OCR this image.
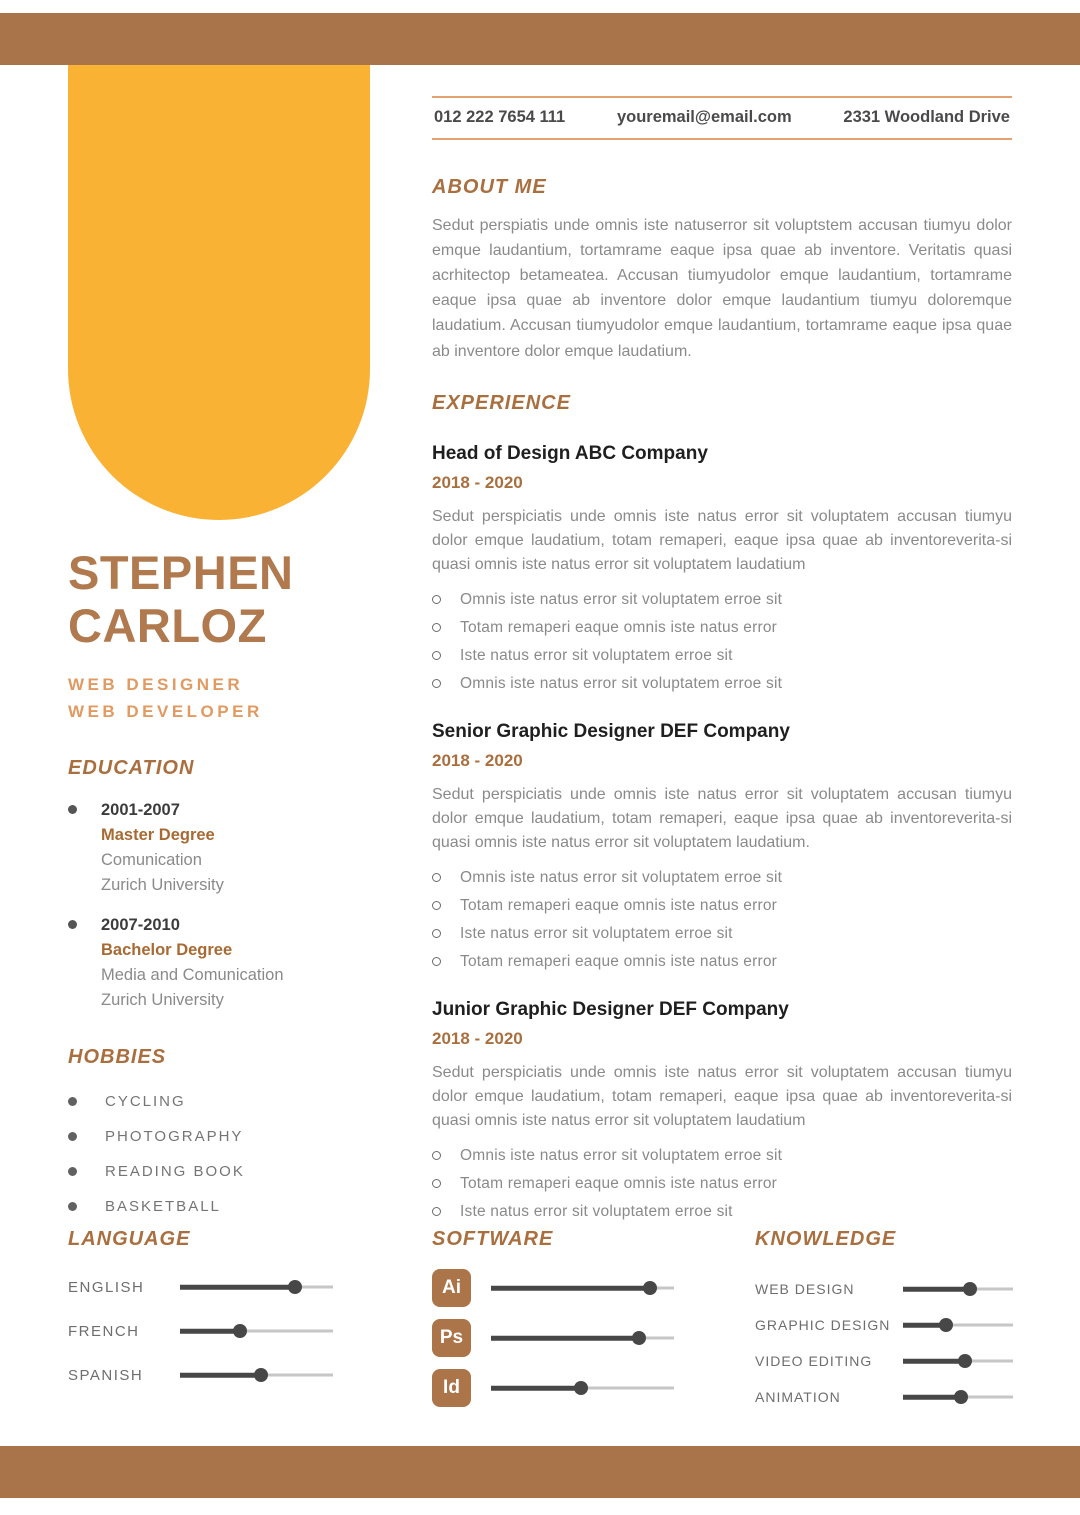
STEPHEN
CARLOZ
WEB DESIGNER
WEB DEVELOPER
EDUCATION
2001-2007
Master Degree
Comunication
Zurich University
2007-2010
Bachelor Degree
Media and Comunication
Zurich University
HOBBIES
CYCLING
PHOTOGRAPHY
READING BOOK
BASKETBALL
012 222 7654 111	youremail@email.com	2331 Woodland Drive
ABOUT ME

Sedut perspiatis unde omnis iste natuserror sit voluptstem accusan tiumyu dolor emque laudantium, tortamrame eaque ipsa quae ab inventore. Veritatis quasi acrhitectop betameatea. Accusan tiumyudolor emque laudantium, tortamrame eaque ipsa quae ab inventore dolor emque laudantium tiumyu doloremque laudatium. Accusan tiumyudolor emque laudantium, tortamrame eaque ipsa quae ab inventore dolor emque laudatium.

EXPERIENCE
Head of Design ABC Company
2018 - 2020

Sedut perspiciatis unde omnis iste natus error sit voluptatem accusan tiumyu dolor emque laudatium, totam remaperi, eaque ipsa quae ab inventoreverita-si quasi omnis iste natus error sit voluptatem laudatium

Omnis iste natus error sit voluptatem erroe sit
Totam remaperi eaque omnis iste natus error
Iste natus error sit voluptatem erroe sit
Omnis iste natus error sit voluptatem erroe sit
Senior Graphic Designer DEF Company
2018 - 2020

Sedut perspiciatis unde omnis iste natus error sit voluptatem accusan tiumyu dolor emque laudatium, totam remaperi, eaque ipsa quae ab inventoreverita-si quasi omnis iste natus error sit voluptatem laudatium.

Omnis iste natus error sit voluptatem erroe sit
Totam remaperi eaque omnis iste natus error
Iste natus error sit voluptatem erroe sit
Totam remaperi eaque omnis iste natus error
Junior Graphic Designer DEF Company
2018 - 2020

Sedut perspiciatis unde omnis iste natus error sit voluptatem accusan tiumyu dolor emque laudatium, totam remaperi, eaque ipsa quae ab inventoreverita-si quasi omnis iste natus error sit voluptatem laudatium

Omnis iste natus error sit voluptatem erroe sit
Totam remaperi eaque omnis iste natus error
Iste natus error sit voluptatem erroe sit
LANGUAGE
ENGLISH
FRENCH
SPANISH
SOFTWARE
Ai
Ps
Id
KNOWLEDGE
WEB DESIGN
GRAPHIC DESIGN
VIDEO EDITING
ANIMATION
